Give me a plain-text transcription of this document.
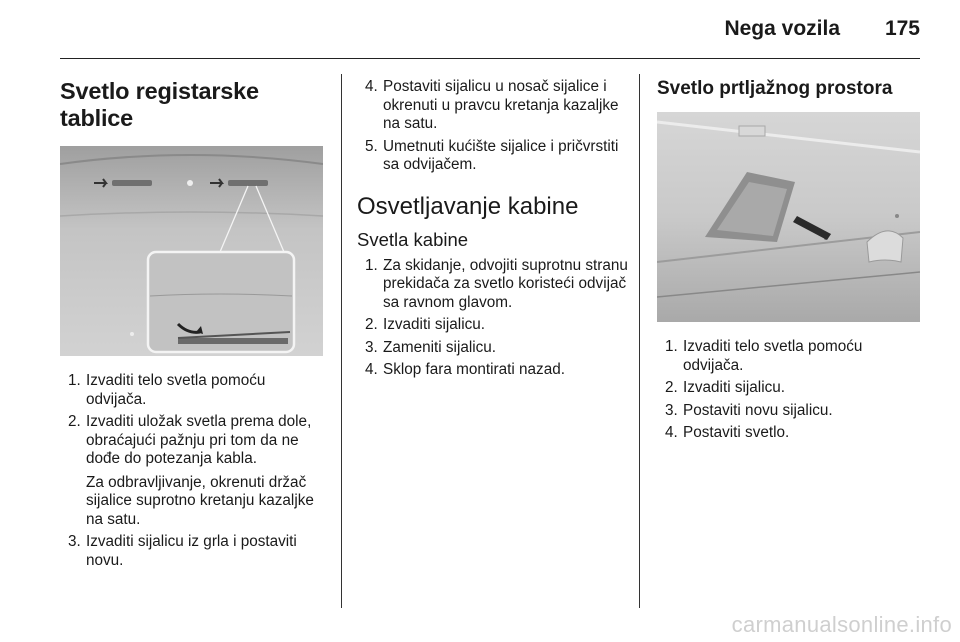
Nega vozila 175
Svetlo registarske tablice
1. Izvaditi telo svetla pomoću odvijača.

2. Izvaditi uložak svetla prema dole, obraćajući pažnju pri tom da ne dođe do potezanja kabla.

Za odbravljivanje, okrenuti držač sijalice suprotno kretanju kazaljke na satu.

3. Izvaditi sijalicu iz grla i postaviti novu.

4. Postaviti sijalicu u nosač sijalice i okrenuti u pravcu kretanja kazaljke na satu.

5. Umetnuti kućište sijalice i pričvrstiti sa odvijačem.

Osvetljavanje kabine
Svetla kabine
1. Za skidanje, odvojiti suprotnu stranu prekidača za svetlo koristeći odvijač sa ravnom glavom.

2. Izvaditi sijalicu.

3. Zameniti sijalicu.

4. Sklop fara montirati nazad.

Svetlo prtljažnog prostora
1. Izvaditi telo svetla pomoću odvijača.

2. Izvaditi sijalicu.

3. Postaviti novu sijalicu.

4. Postaviti svetlo.

carmanualsonline.info
